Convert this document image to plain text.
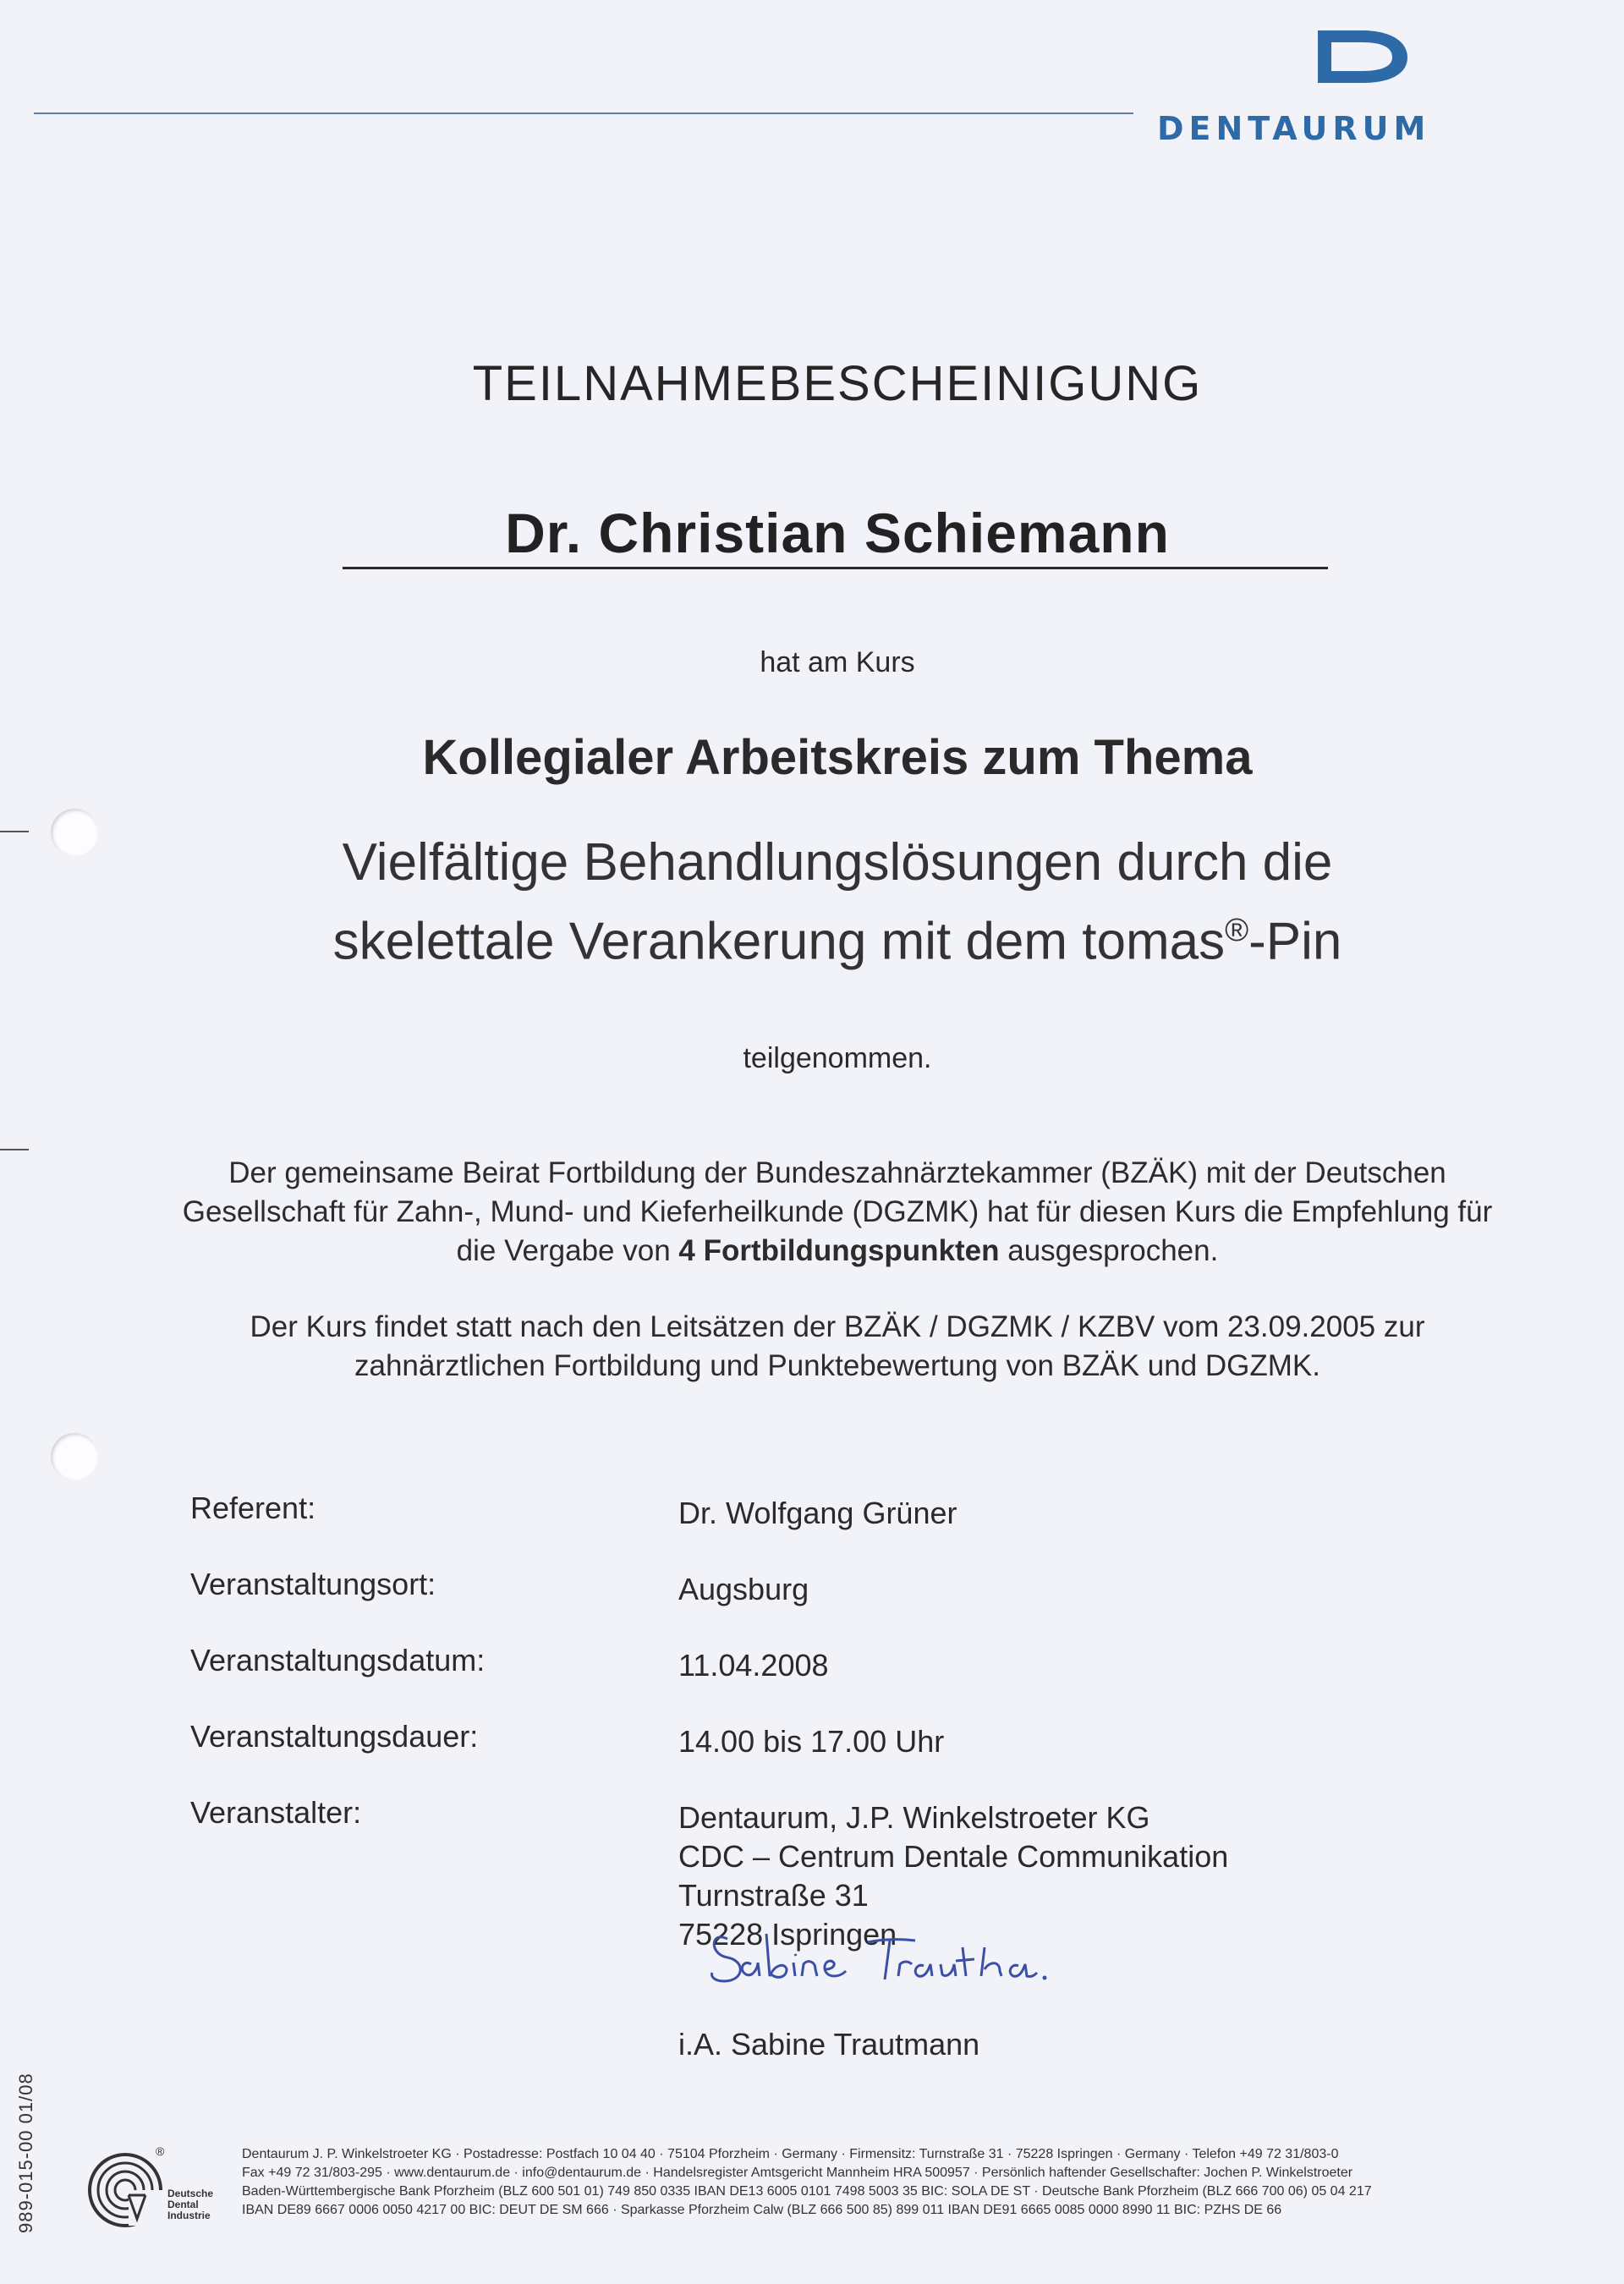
DENTAURUM
TEILNAHMEBESCHEINIGUNG
Dr. Christian Schiemann
hat am Kurs
Kollegialer Arbeitskreis zum Thema
Vielfältige Behandlungslösungen durch die
skelettale Verankerung mit dem tomas®-Pin
teilgenommen.
Der gemeinsame Beirat Fortbildung der Bundeszahnärztekammer (BZÄK) mit der Deutschen Gesellschaft für Zahn-, Mund- und Kieferheilkunde (DGZMK) hat für diesen Kurs die Empfehlung für die Vergabe von 4 Fortbildungspunkten ausgesprochen.
Der Kurs findet statt nach den Leitsätzen der BZÄK / DGZMK / KZBV vom 23.09.2005 zur zahnärztlichen Fortbildung und Punktebewertung von BZÄK und DGZMK.
Referent:	Dr. Wolfgang Grüner
Veranstaltungsort:	Augsburg
Veranstaltungsdatum:	11.04.2008
Veranstaltungsdauer:	14.00 bis 17.00 Uhr
Veranstalter:	Dentaurum, J.P. Winkelstroeter KG
CDC – Centrum Dentale Communikation
Turnstraße 31
75228 Ispringen
i.A. Sabine Trautmann
989-015-00 01/08	®
Deutsche
Dental
Industrie
Dentaurum J. P. Winkelstroeter KG · Postadresse: Postfach 10 04 40 · 75104 Pforzheim · Germany · Firmensitz: Turnstraße 31 · 75228 Ispringen · Germany · Telefon +49 72 31/803-0
Fax +49 72 31/803-295 · www.dentaurum.de · info@dentaurum.de · Handelsregister Amtsgericht Mannheim HRA 500957 · Persönlich haftender Gesellschafter: Jochen P. Winkelstroeter
Baden-Württembergische Bank Pforzheim (BLZ 600 501 01) 749 850 0335 IBAN DE13 6005 0101 7498 5003 35 BIC: SOLA DE ST · Deutsche Bank Pforzheim (BLZ 666 700 06) 05 04 217
IBAN DE89 6667 0006 0050 4217 00 BIC: DEUT DE SM 666 · Sparkasse Pforzheim Calw (BLZ 666 500 85) 899 011 IBAN DE91 6665 0085 0000 8990 11 BIC: PZHS DE 66
